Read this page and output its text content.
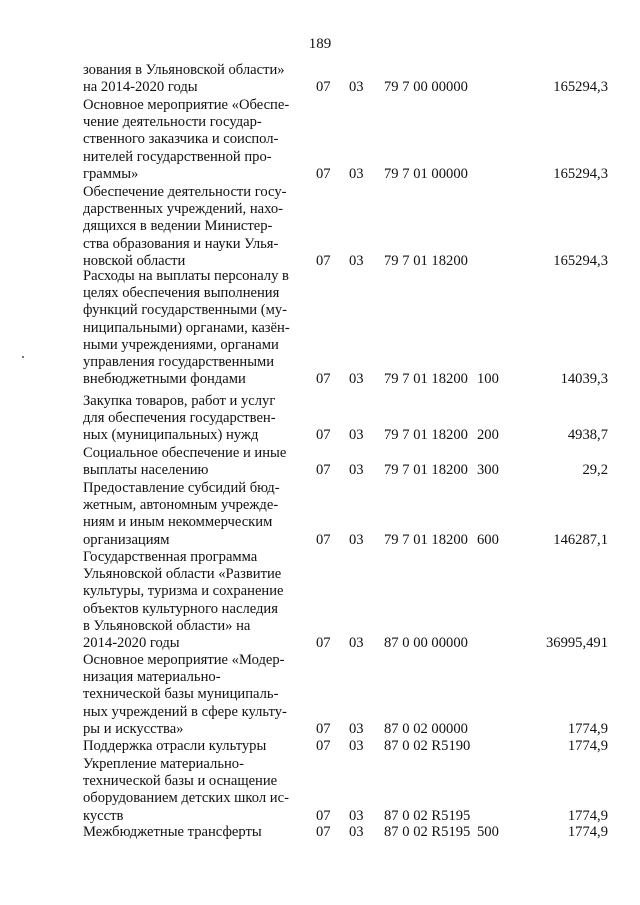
189
зования в Ульяновской области»
на 2014-2020 годы	07 03 79 7 00 00000	165294,3
Основное мероприятие «Обеспе-
чение деятельности государ-
ственного заказчика и соиспол-
нителей государственной про-
граммы»	07 03 79 7 01 00000	165294,3
Обеспечение деятельности госу-
дарственных учреждений, нахо-
дящихся в ведении Министер-
ства образования и науки Улья-
новской области	07 03 79 7 01 18200	165294,3
Расходы на выплаты персоналу в
целях обеспечения выполнения
функций государственными (му-
ниципальными) органами, казён-
ными учреждениями, органами
управления государственными
внебюджетными фондами	07 03 79 7 01 18200 100	14039,3
Закупка товаров, работ и услуг
для обеспечения государствен-
ных (муниципальных) нужд	07 03 79 7 01 18200 200	4938,7
Социальное обеспечение и иные
выплаты населению	07 03 79 7 01 18200 300	29,2
Предоставление субсидий бюд-
жетным, автономным учрежде-
ниям и иным некоммерческим
организациям	07 03 79 7 01 18200 600	146287,1
Государственная программа
Ульяновской области «Развитие
культуры, туризма и сохранение
объектов культурного наследия
в Ульяновской области» на
2014-2020 годы	07 03 87 0 00 00000	36995,491
Основное мероприятие «Модер-
низация материально-
технической базы муниципаль-
ных учреждений в сфере культу-
ры и искусства»	07 03 87 0 02 00000	1774,9
Поддержка отрасли культуры	07 03 87 0 02 R5190	1774,9
Укрепление материально-
технической базы и оснащение
оборудованием детских школ ис-
кусств	07 03 87 0 02 R5195	1774,9
Межбюджетные трансферты	07 03 87 0 02 R5195 500	1774,9
